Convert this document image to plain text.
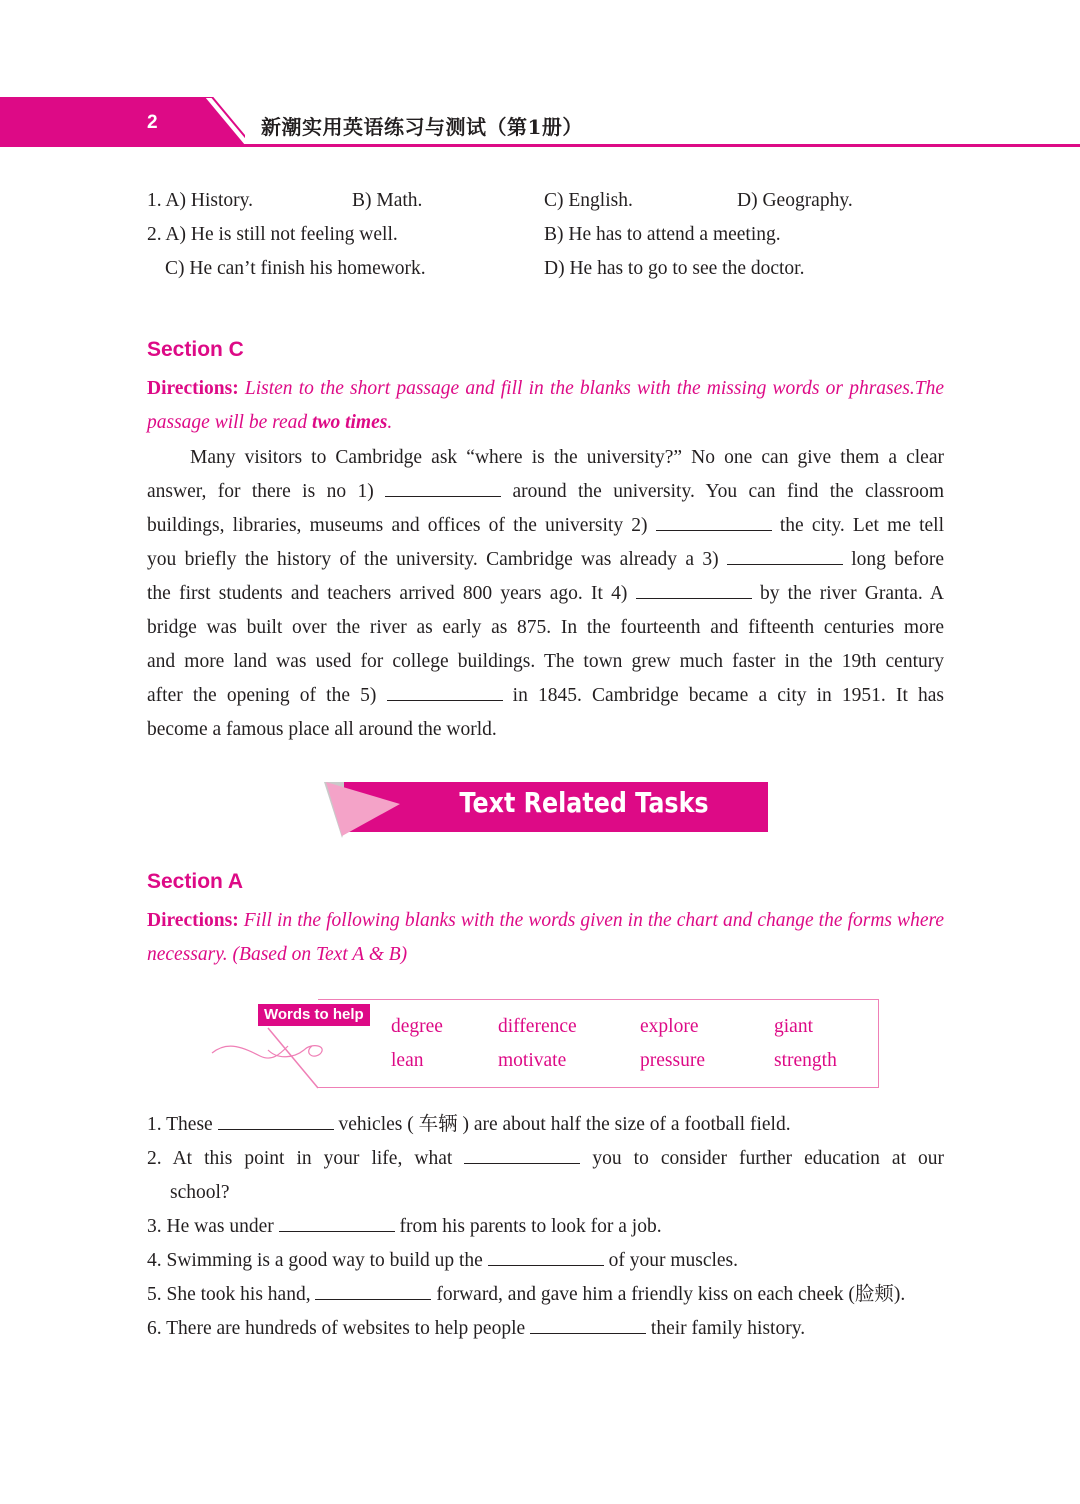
2	新潮实用英语练习与测试（第1册）
1. A) History.	B) Math.	C) English.	D) Geography.
2. A) He is still not feeling well.	B) He has to attend a meeting.
C) He can’t finish his homework.	D) He has to go to see the doctor.
Section C
Directions: Listen to the short passage and fill in the blanks with the missing words or phrases.The passage will be read two times.
Many visitors to Cambridge ask “where is the university?” No one can give them a clear
answer, for there is no 1)	around the university. You can find the classroom
buildings, libraries, museums and offices of the university 2)	the city. Let me tell
you briefly the history of the university. Cambridge was already a 3)	long before
the first students and teachers arrived 800 years ago. It 4)	by the river Granta. A
bridge was built over the river as early as 875. In the fourteenth and fifteenth centuries more
and more land was used for college buildings. The town grew much faster in the 19th century
after the opening of the 5)	in 1845. Cambridge became a city in 1951. It has
become a famous place all around the world.
Text Related Tasks
Section A
Directions: Fill in the following blanks with the words given in the chart and change the forms where necessary. (Based on Text A & B)
Words to help
degree	difference	explore	giant
lean	motivate	pressure	strength
1. These	vehicles ( 车辆 ) are about half the size of a football field.
2. At this point in your life, what	you to consider further education at our
school?
3. He was under	from his parents to look for a job.
4. Swimming is a good way to build up the	of your muscles.
5. She took his hand,	forward, and gave him a friendly kiss on each cheek (脸颊).
6. There are hundreds of websites to help people	their family history.
